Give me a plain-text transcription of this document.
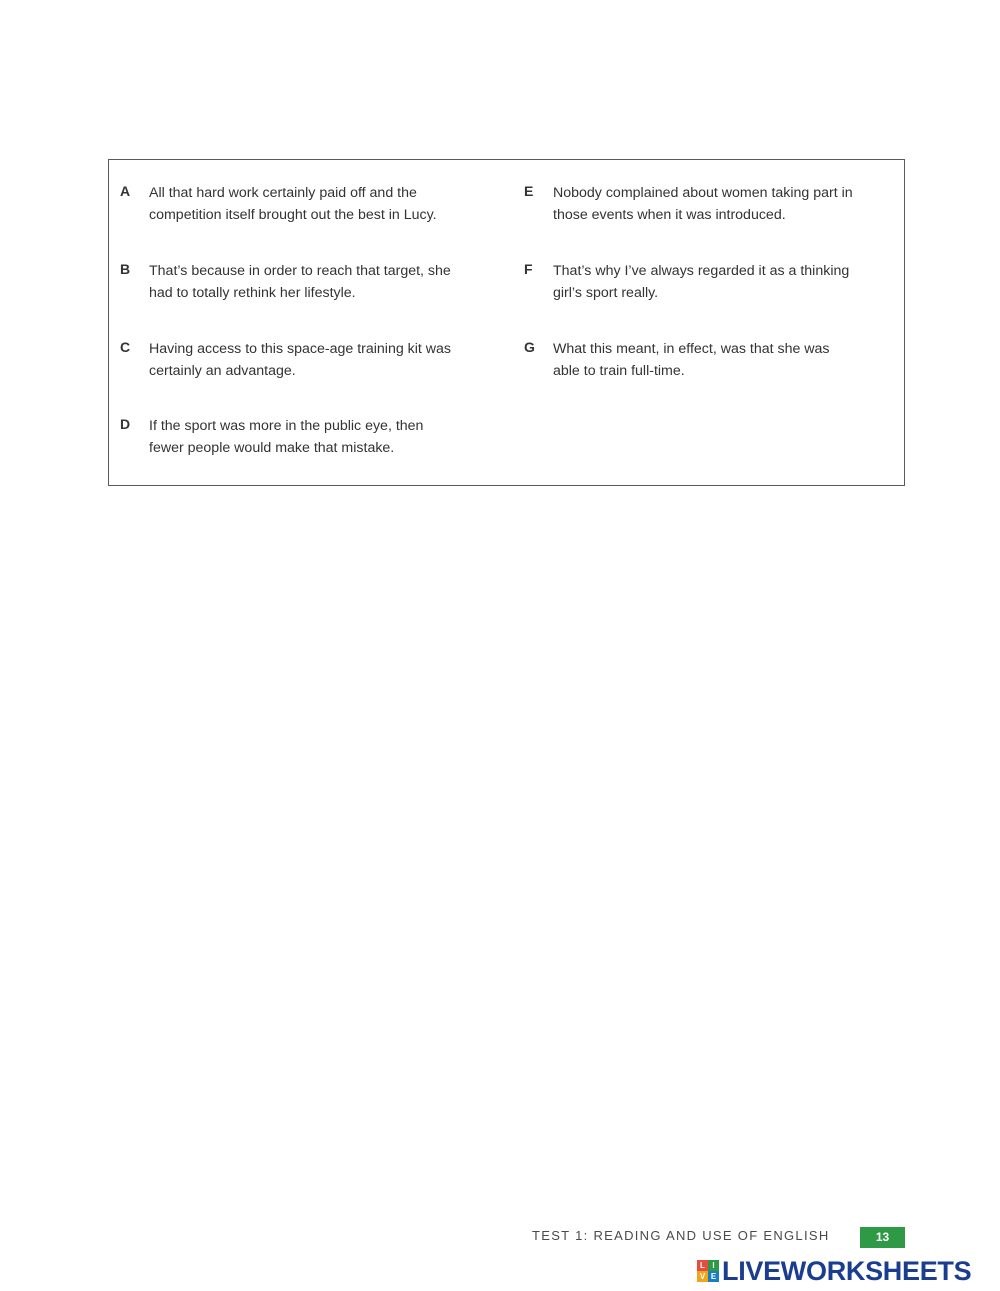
A All that hard work certainly paid off and the
competition itself brought out the best in Lucy.
B That’s because in order to reach that target, she
had to totally rethink her lifestyle.
C Having access to this space-age training kit was
certainly an advantage.
D If the sport was more in the public eye, then
fewer people would make that mistake.
E Nobody complained about women taking part in
those events when it was introduced.
F That’s why I’ve always regarded it as a thinking
girl’s sport really.
G What this meant, in effect, was that she was
able to train full-time.
TEST 1: READING AND USE OF ENGLISH	13
L I
V E LIVEWORKSHEETS
